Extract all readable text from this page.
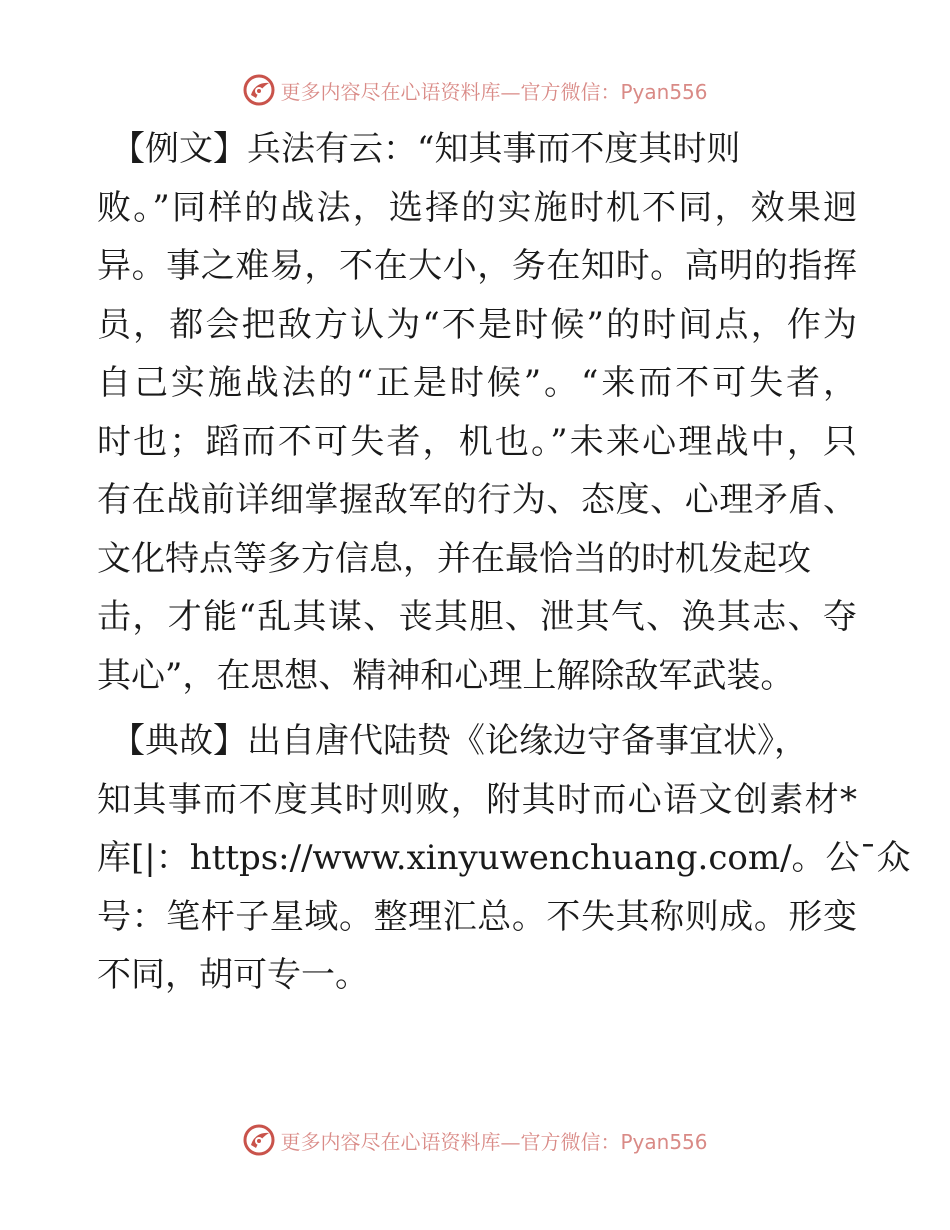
更多内容尽在心语资料库—官方微信：Pyan556
【例文】兵法有云：“知其事而不度其时则
败。”同样的战法，选择的实施时机不同，效果迥
异。事之难易，不在大小，务在知时。高明的指挥
员，都会把敌方认为“不是时候”的时间点，作为
自己实施战法的“正是时候”。“来而不可失者，
时也；蹈而不可失者，机也。”未来心理战中，只
有在战前详细掌握敌军的行为、态度、心理矛盾、
文化特点等多方信息，并在最恰当的时机发起攻
击，才能“乱其谋、丧其胆、泄其气、涣其志、夺
其心”，在思想、精神和心理上解除敌军武装。
【典故】出自唐代陆贽《论缘边守备事宜状》，
知其事而不度其时则败，附其时而心语文创素材*
库[|：https://www.xinyuwenchuang.com/。公¯众
号：笔杆子星域。整理汇总。不失其称则成。形变
不同，胡可专一。
更多内容尽在心语资料库—官方微信：Pyan556
